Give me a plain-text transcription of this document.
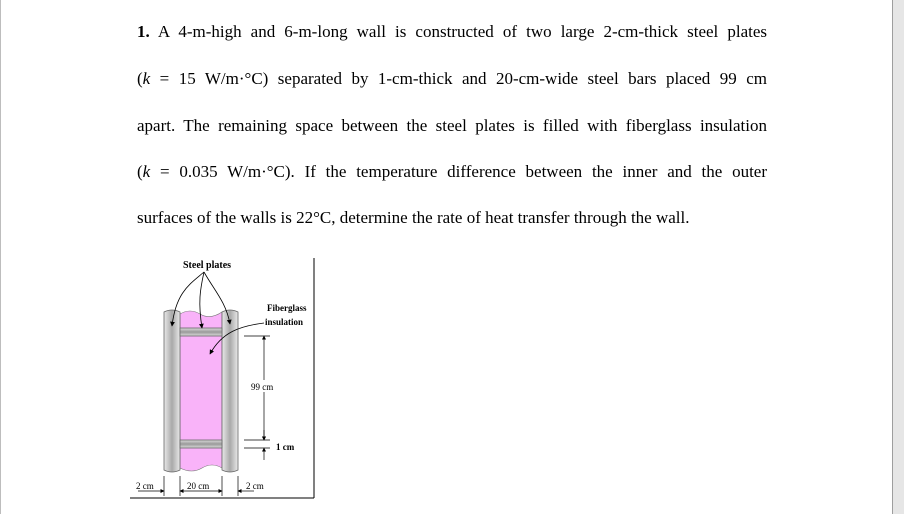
1. A 4-m-high and 6-m-long wall is constructed of two large 2-cm-thick steel plates
(k = 15 W/m·°C) separated by 1-cm-thick and 20-cm-wide steel bars placed 99 cm
apart. The remaining space between the steel plates is filled with fiberglass insulation
(k = 0.035 W/m·°C). If the temperature difference between the inner and the outer
surfaces of the walls is 22°C, determine the rate of heat transfer through the wall.
Steel plates
Fiberglass
insulation
99 cm
1 cm
2 cm	20 cm	2 cm
